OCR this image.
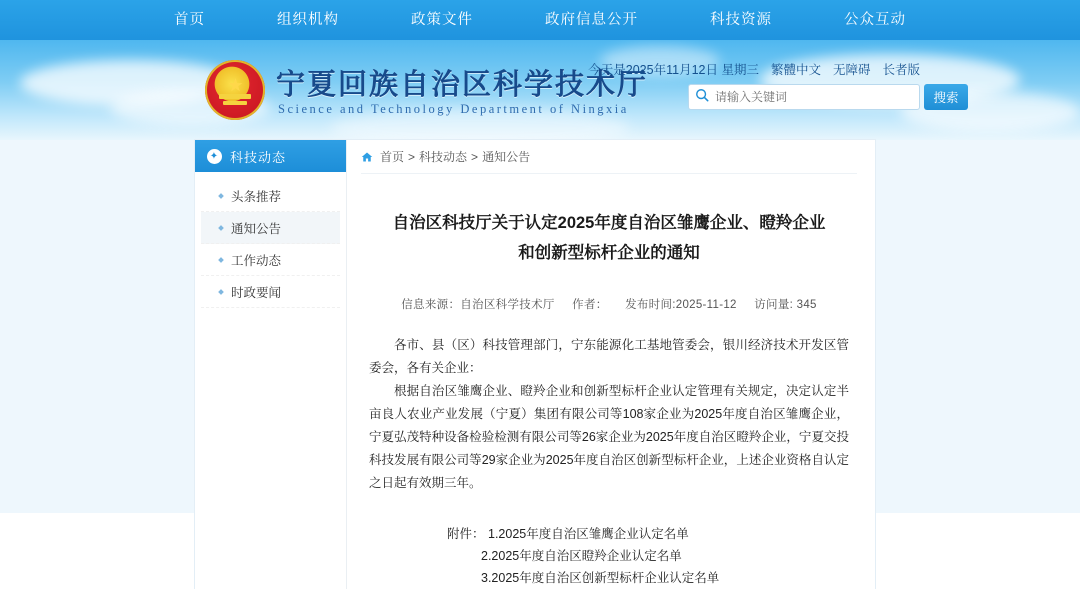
首页	组织机构	政策文件	政府信息公开	科技资源	公众互动
★ 宁夏回族自治区科学技术厅
Science and Technology Department of Ningxia
今天是2025年11月12日 星期三 繁體中文 无障碍 长者版
请输入关键词
搜索
✦ 科技动态
头条推荐
通知公告
工作动态
时政要闻
首页 > 科技动态 > 通知公告
自治区科技厅关于认定2025年度自治区雏鹰企业、瞪羚企业
和创新型标杆企业的通知
信息来源：自治区科学技术厅 作者： 发布时间:2025-11-12 访问量: 345

各市、县（区）科技管理部门，宁东能源化工基地管委会，银川经济技术开发区管委会，各有关企业：

根据自治区雏鹰企业、瞪羚企业和创新型标杆企业认定管理有关规定，决定认定半亩良人农业产业发展（宁夏）集团有限公司等108家企业为2025年度自治区雏鹰企业，宁夏弘茂特种设备检验检测有限公司等26家企业为2025年度自治区瞪羚企业，宁夏交投科技发展有限公司等29家企业为2025年度自治区创新型标杆企业，上述企业资格自认定之日起有效期三年。

附件： 1.2025年度自治区雏鹰企业认定名单
2.2025年度自治区瞪羚企业认定名单
3.2025年度自治区创新型标杆企业认定名单
